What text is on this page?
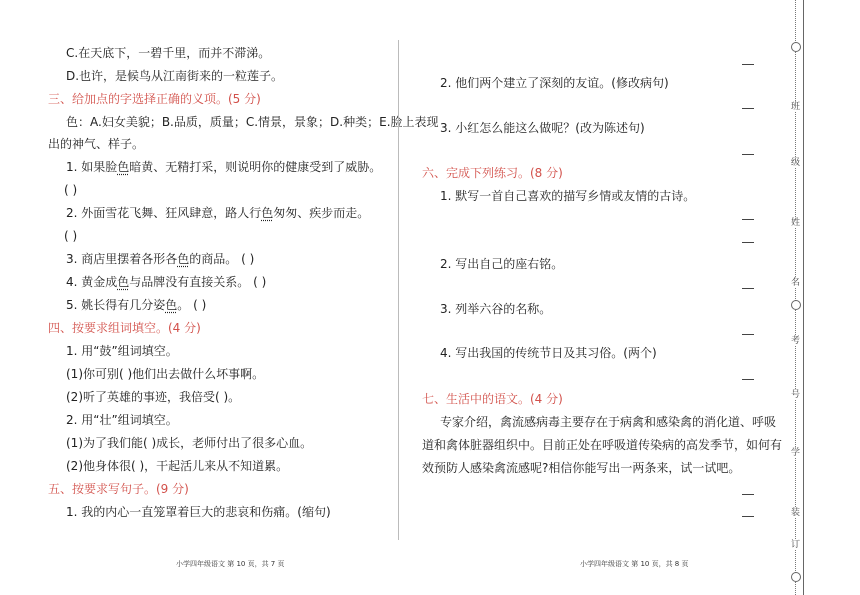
C.在天底下，一碧千里，而并不滞涕。
D.也许，是候鸟从江南街来的一粒莲子。
三、给加点的字选择正确的义项。(5 分)
色：A.妇女美貌；B.品质，质量；C.情景，景象；D.种类；E.脸上表现
出的神气、样子。
1. 如果脸色暗黄、无精打采，则说明你的健康受到了威胁。
( )
2. 外面雪花飞舞、狂风肆意，路人行色匆匆、疾步而走。
( )
3. 商店里摆着各形各色的商品。 ( )
4. 黄金成色与品牌没有直接关系。 ( )
5. 姚长得有几分姿色。 ( )
四、按要求组词填空。(4 分)
1. 用“鼓”组词填空。
(1)你可别( )他们出去做什么坏事啊。
(2)听了英雄的事迹，我倍受( )。
2. 用“壮”组词填空。
(1)为了我们能( )成长，老师付出了很多心血。
(2)他身体很( )，干起活儿来从不知道累。
五、按要求写句子。(9 分)
1. 我的内心一直笼罩着巨大的悲哀和伤痛。(缩句)
小学四年级语文 第 10 页，共 7 页
2. 他们两个建立了深刻的友谊。(修改病句)
3. 小红怎么能这么做呢？(改为陈述句)
六、完成下列练习。(8 分)
1. 默写一首自己喜欢的描写乡情或友情的古诗。
2. 写出自己的座右铭。
3. 列举六谷的名称。
4. 写出我国的传统节日及其习俗。(两个)
七、生活中的语文。(4 分)
专家介绍，禽流感病毒主要存在于病禽和感染禽的消化道、呼吸
道和禽体脏器组织中。目前正处在呼吸道传染病的高发季节，如何有
效预防人感染禽流感呢?相信你能写出一两条来，试一试吧。
小学四年级语文 第 10 页，共 8 页
班
级
姓
名
考
号
学
装
订
